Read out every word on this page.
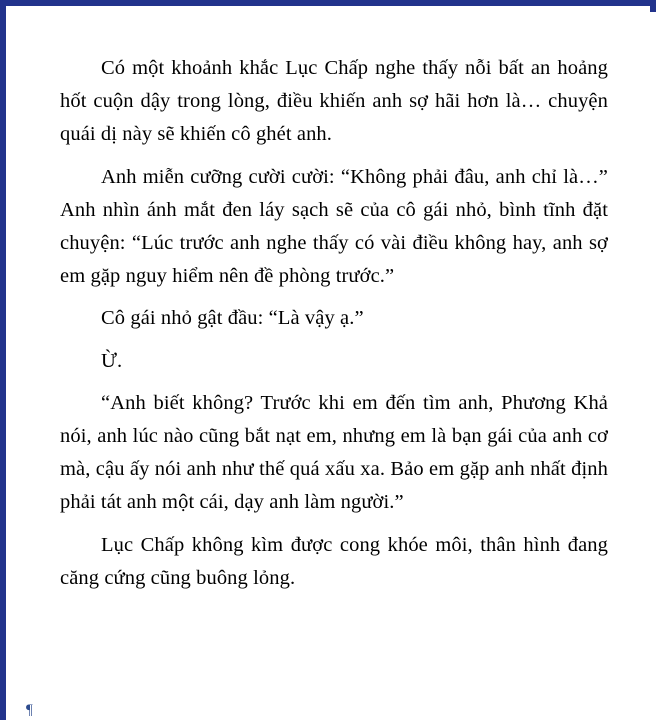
Có một khoảnh khắc Lục Chấp nghe thấy nỗi bất an hoảng hốt cuộn dậy trong lòng, điều khiến anh sợ hãi hơn là… chuyện quái dị này sẽ khiến cô ghét anh.

Anh miễn cưỡng cười cười: “Không phải đâu, anh chỉ là…” Anh nhìn ánh mắt đen láy sạch sẽ của cô gái nhỏ, bình tĩnh đặt chuyện: “Lúc trước anh nghe thấy có vài điều không hay, anh sợ em gặp nguy hiểm nên đề phòng trước.”

Cô gái nhỏ gật đầu: “Là vậy ạ.”

Ừ.

“Anh biết không? Trước khi em đến tìm anh, Phương Khả nói, anh lúc nào cũng bắt nạt em, nhưng em là bạn gái của anh cơ mà, cậu ấy nói anh như thế quá xấu xa. Bảo em gặp anh nhất định phải tát anh một cái, dạy anh làm người.”

Lục Chấp không kìm được cong khóe môi, thân hình đang căng cứng cũng buông lỏng.

¶
